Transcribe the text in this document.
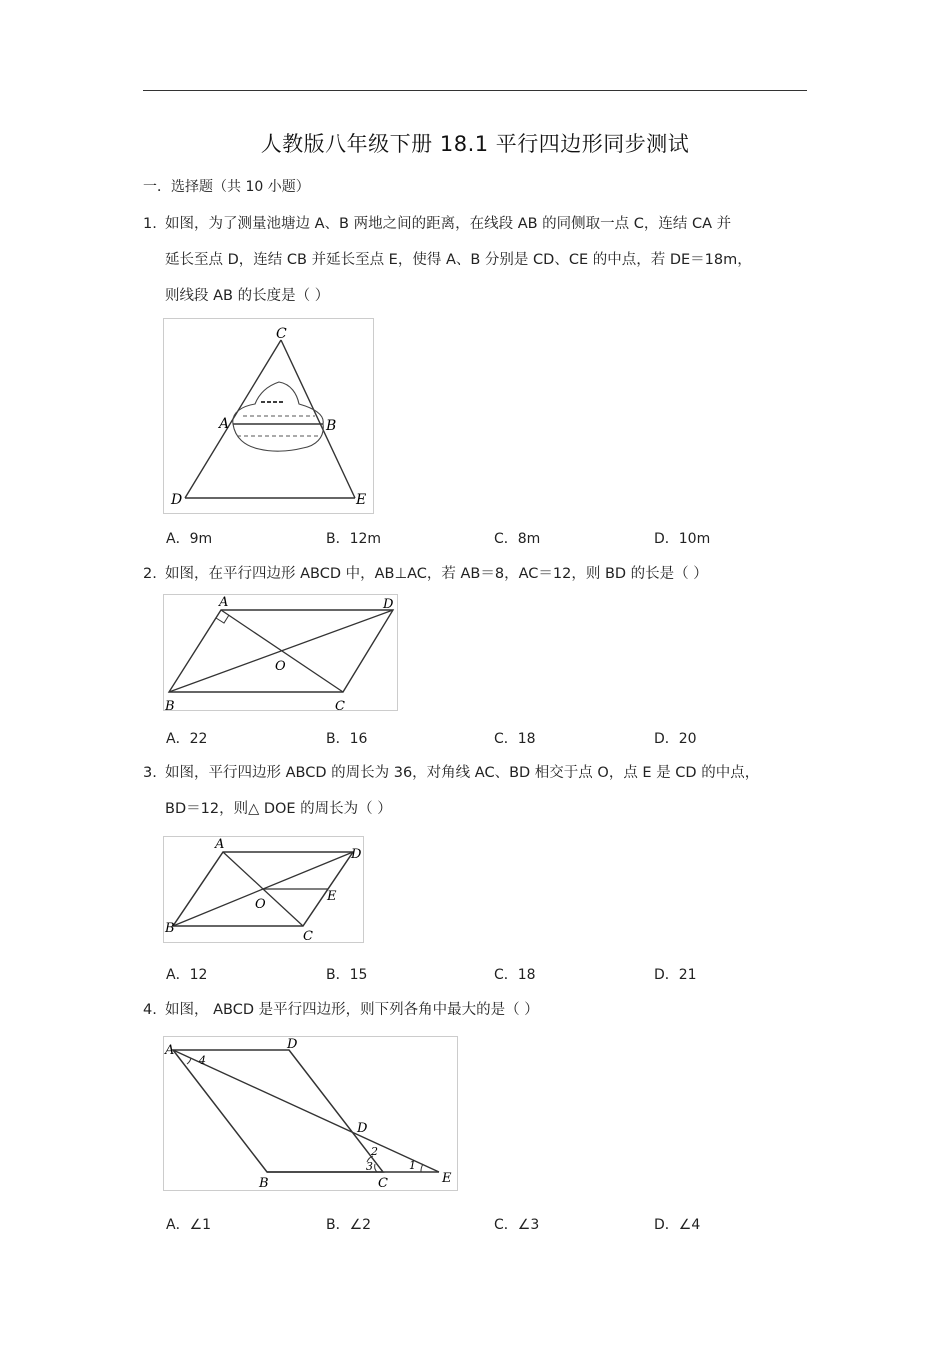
人教版八年级下册 18.1 平行四边形同步测试
一．选择题（共 10 小题）
1. 如图，为了测量池塘边 A、B 两地之间的距离，在线段 AB 的同侧取一点 C，连结 CA 并
延长至点 D，连结 CB 并延长至点 E，使得 A、B 分别是 CD、CE 的中点，若 DE＝18m，
则线段 AB 的长度是（ ）
C
A	B
D	E
A．9m	B．12m	C．8m	D．10m
2. 如图，在平行四边形 ABCD 中，AB⊥AC，若 AB＝8，AC＝12，则 BD 的长是（ ）
A	D
O
B	C
A．22	B．16	C．18	D．20
3. 如图，平行四边形 ABCD 的周长为 36，对角线 AC、BD 相交于点 O，点 E 是 CD 的中点，
BD＝12，则△ DOE 的周长为（ ）
A
D
O
E
B
C
A．12	B．15	C．18	D．21
4. 如图， ABCD 是平行四边形，则下列各角中最大的是（ ）
A	D
D
B	C	E
1
2
3
4
A．∠1	B．∠2	C．∠3	D．∠4
